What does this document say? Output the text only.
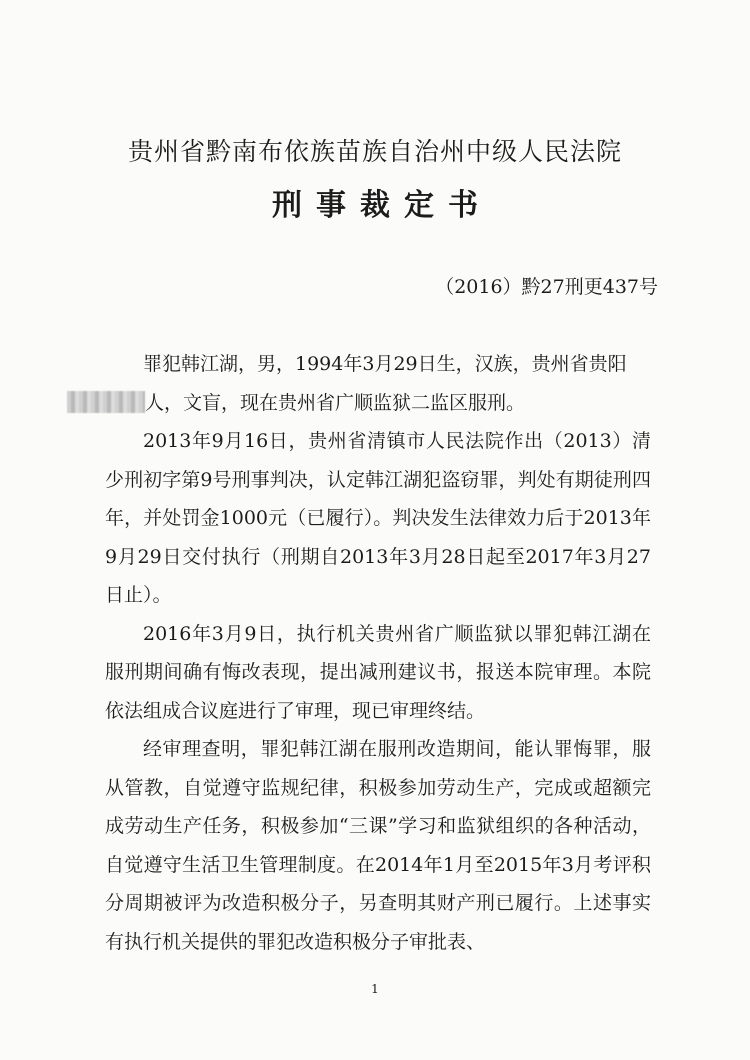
贵州省黔南布依族苗族自治州中级人民法院
刑事裁定书
（2016）黔27刑更437号

罪犯韩江湖，男，1994年3月29日生，汉族，贵州省贵阳
人，文盲，现在贵州省广顺监狱二监区服刑。

2013年9月16日，贵州省清镇市人民法院作出（2013）清少刑初字第9号刑事判决，认定韩江湖犯盗窃罪，判处有期徒刑四年，并处罚金1000元（已履行）。判决发生法律效力后于2013年9月29日交付执行（刑期自2013年3月28日起至2017年3月27日止）。

2016年3月9日，执行机关贵州省广顺监狱以罪犯韩江湖在服刑期间确有悔改表现，提出减刑建议书，报送本院审理。本院依法组成合议庭进行了审理，现已审理终结。

经审理查明，罪犯韩江湖在服刑改造期间，能认罪悔罪，服从管教，自觉遵守监规纪律，积极参加劳动生产，完成或超额完成劳动生产任务，积极参加“三课”学习和监狱组织的各种活动，自觉遵守生活卫生管理制度。在2014年1月至2015年3月考评积分周期被评为改造积极分子，另查明其财产刑已履行。上述事实有执行机关提供的罪犯改造积极分子审批表、

1
